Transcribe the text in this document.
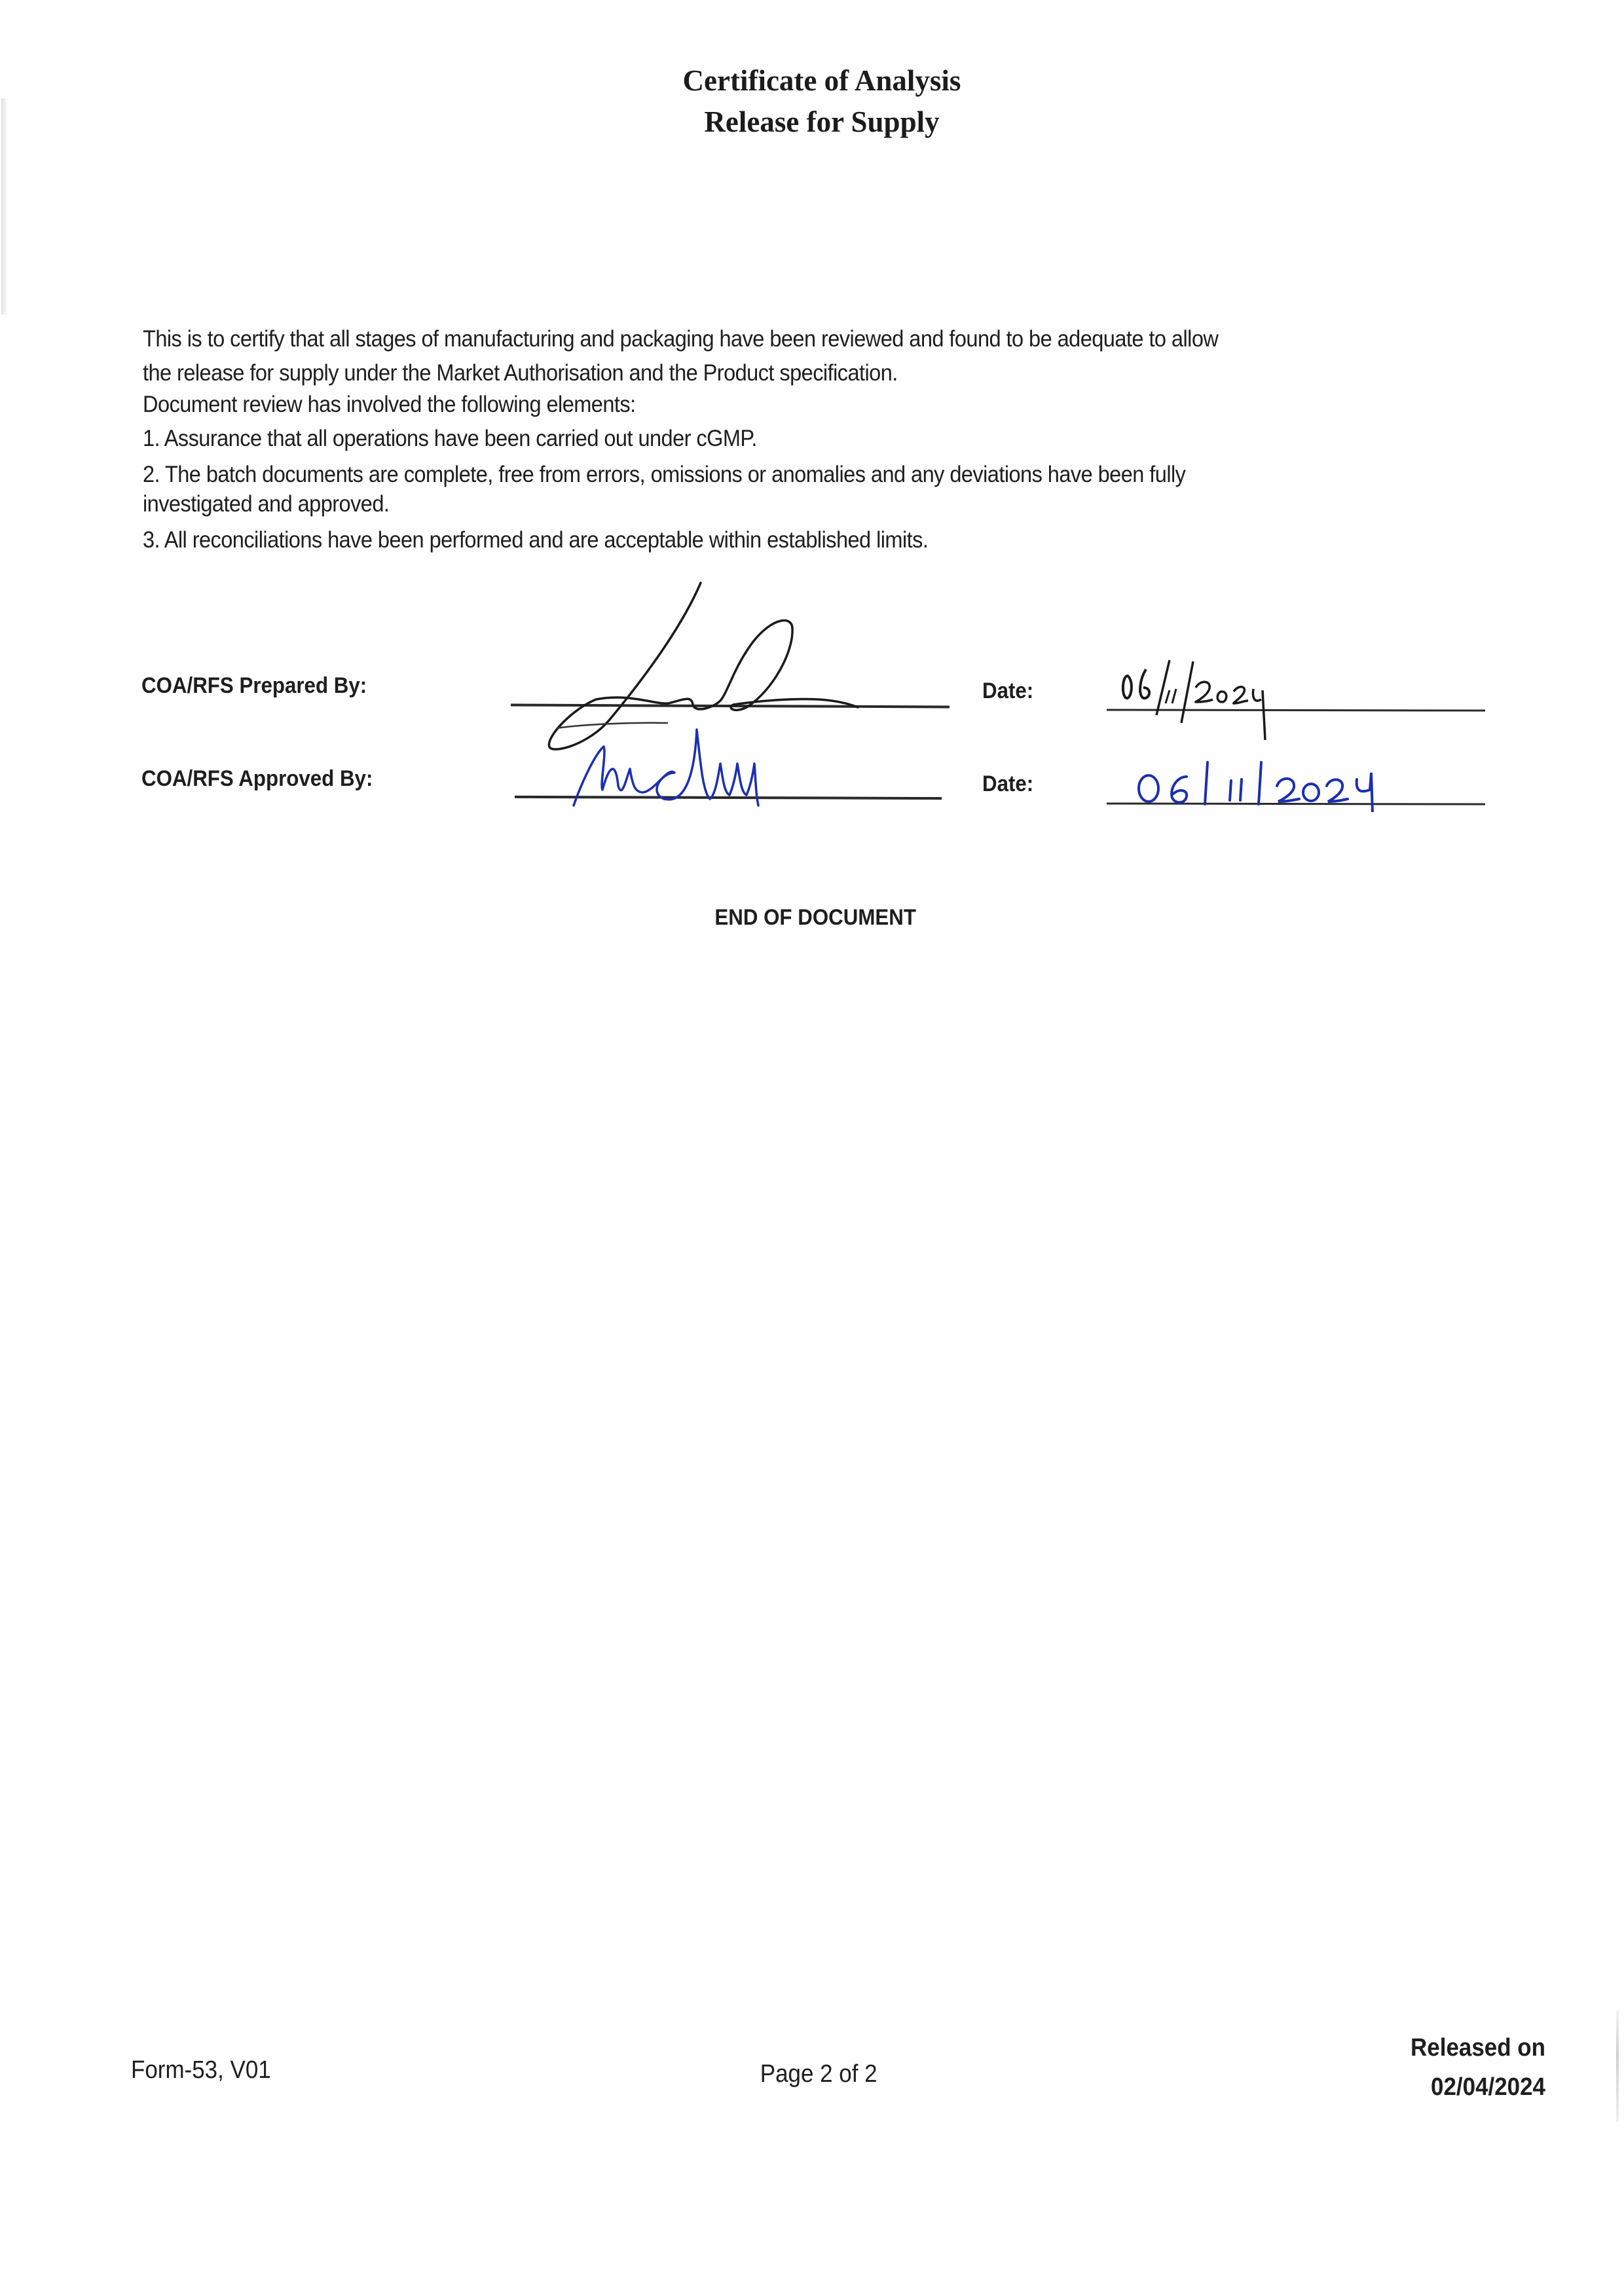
Certificate of Analysis
Release for Supply
This is to certify that all stages of manufacturing and packaging have been reviewed and found to be adequate to allow
the release for supply under the Market Authorisation and the Product specification.
Document review has involved the following elements:
1. Assurance that all operations have been carried out under cGMP.
2. The batch documents are complete, free from errors, omissions or anomalies and any deviations have been fully
investigated and approved.
3. All reconciliations have been performed and are acceptable within established limits.
COA/RFS Prepared By:	Date:
COA/RFS Approved By:	Date:
END OF DOCUMENT
Form-53, V01	Page 2 of 2
Released on
02/04/2024
